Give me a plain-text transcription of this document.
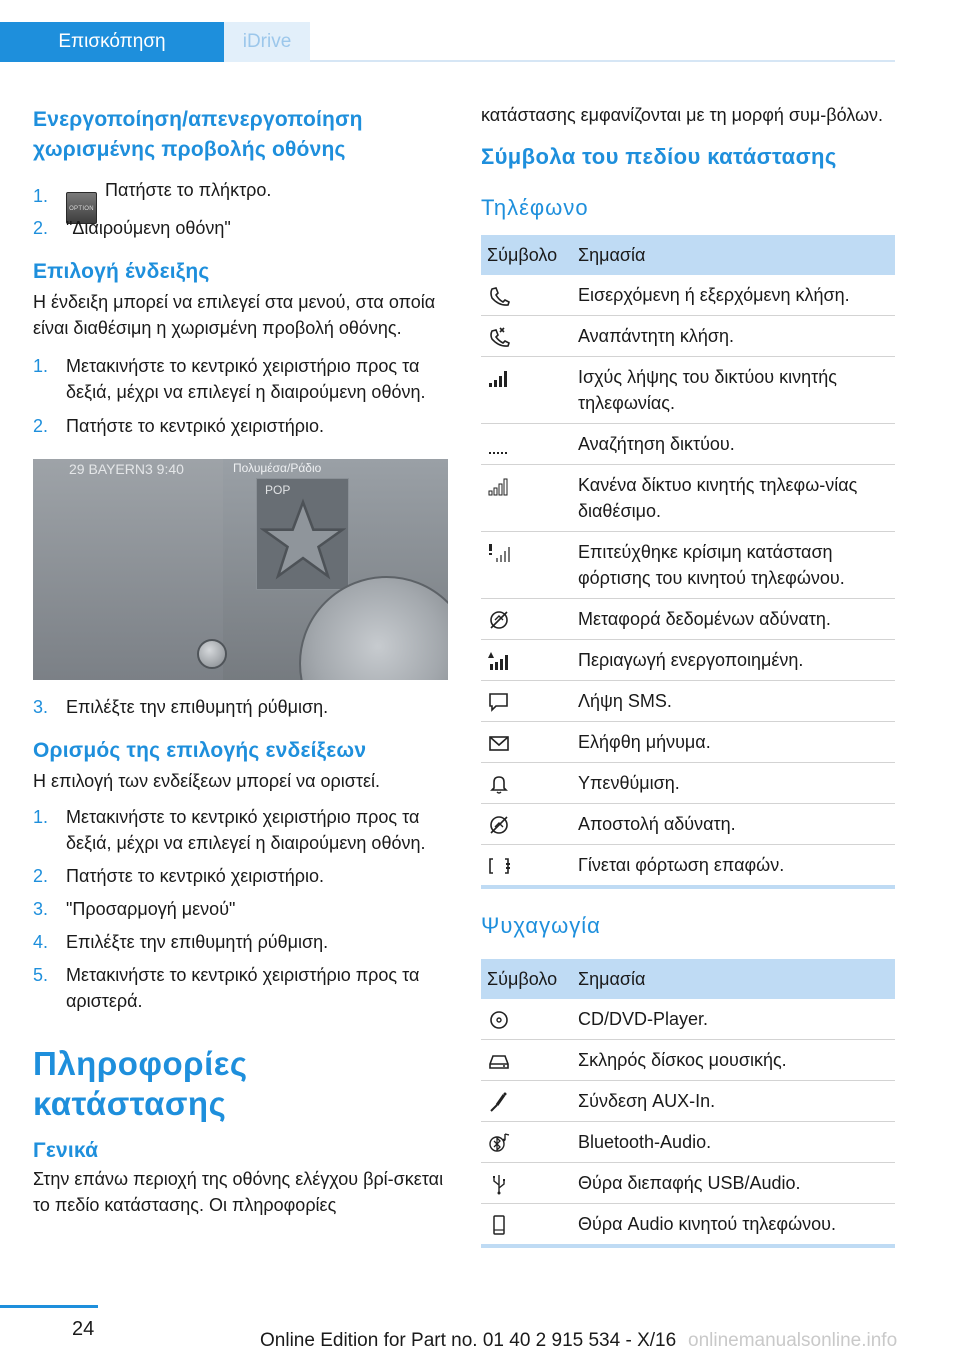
Επισκόπηση	iDrive
Ενεργοποίηση/απενεργοποίηση χωρισμένης προβολής οθόνης
1.
OPTIONΠατήστε το πλήκτρο.
2. "Διαιρούμενη οθόνη"
Επιλογή ένδειξης
Η ένδειξη μπορεί να επιλεγεί στα μενού, στα οποία είναι διαθέσιμη η χωρισμένη προβολή οθόνης.
1. Μετακινήστε το κεντρικό χειριστήριο προς τα δεξιά, μέχρι να επιλεγεί η διαιρούμενη οθόνη.
2. Πατήστε το κεντρικό χειριστήριο.
29 BAYERN3 9:40	Πολυμέσα/Ράδιο
POP
3. Επιλέξτε την επιθυμητή ρύθμιση.
Ορισμός της επιλογής ενδείξεων
Η επιλογή των ενδείξεων μπορεί να οριστεί.
1. Μετακινήστε το κεντρικό χειριστήριο προς τα δεξιά, μέχρι να επιλεγεί η διαιρούμενη οθόνη.
2. Πατήστε το κεντρικό χειριστήριο.
3. "Προσαρμογή μενού"
4. Επιλέξτε την επιθυμητή ρύθμιση.
5. Μετακινήστε το κεντρικό χειριστήριο προς τα αριστερά.
Πληροφορίες κατάστασης
Γενικά
Στην επάνω περιοχή της οθόνης ελέγχου βρί-σκεται το πεδίο κατάστασης. Οι πληροφορίες
κατάστασης εμφανίζονται με τη μορφή συμ-βόλων.
Σύμβολα του πεδίου κατάστασης
Τηλέφωνο
Σύμβολο	Σημασία
	Εισερχόμενη ή εξερχόμενη κλήση.
	Αναπάντητη κλήση.
	Ισχύς λήψης του δικτύου κινητής τηλεφωνίας.
	Αναζήτηση δικτύου.
	Κανένα δίκτυο κινητής τηλεφω-νίας διαθέσιμο.
	Επιτεύχθηκε κρίσιμη κατάσταση φόρτισης του κινητού τηλεφώνου.
	Μεταφορά δεδομένων αδύνατη.
	Περιαγωγή ενεργοποιημένη.
	Λήψη SMS.
	Ελήφθη μήνυμα.
	Υπενθύμιση.
	Αποστολή αδύνατη.
	Γίνεται φόρτωση επαφών.
Ψυχαγωγία
Σύμβολο	Σημασία
	CD/DVD-Player.
	Σκληρός δίσκος μουσικής.
	Σύνδεση AUX-In.
	Bluetooth-Audio.
	Θύρα διεπαφής USB/Audio.
	Θύρα Audio κινητού τηλεφώνου.
24
Online Edition for Part no. 01 40 2 915 534 - X/16 onlinemanualsonline.info
